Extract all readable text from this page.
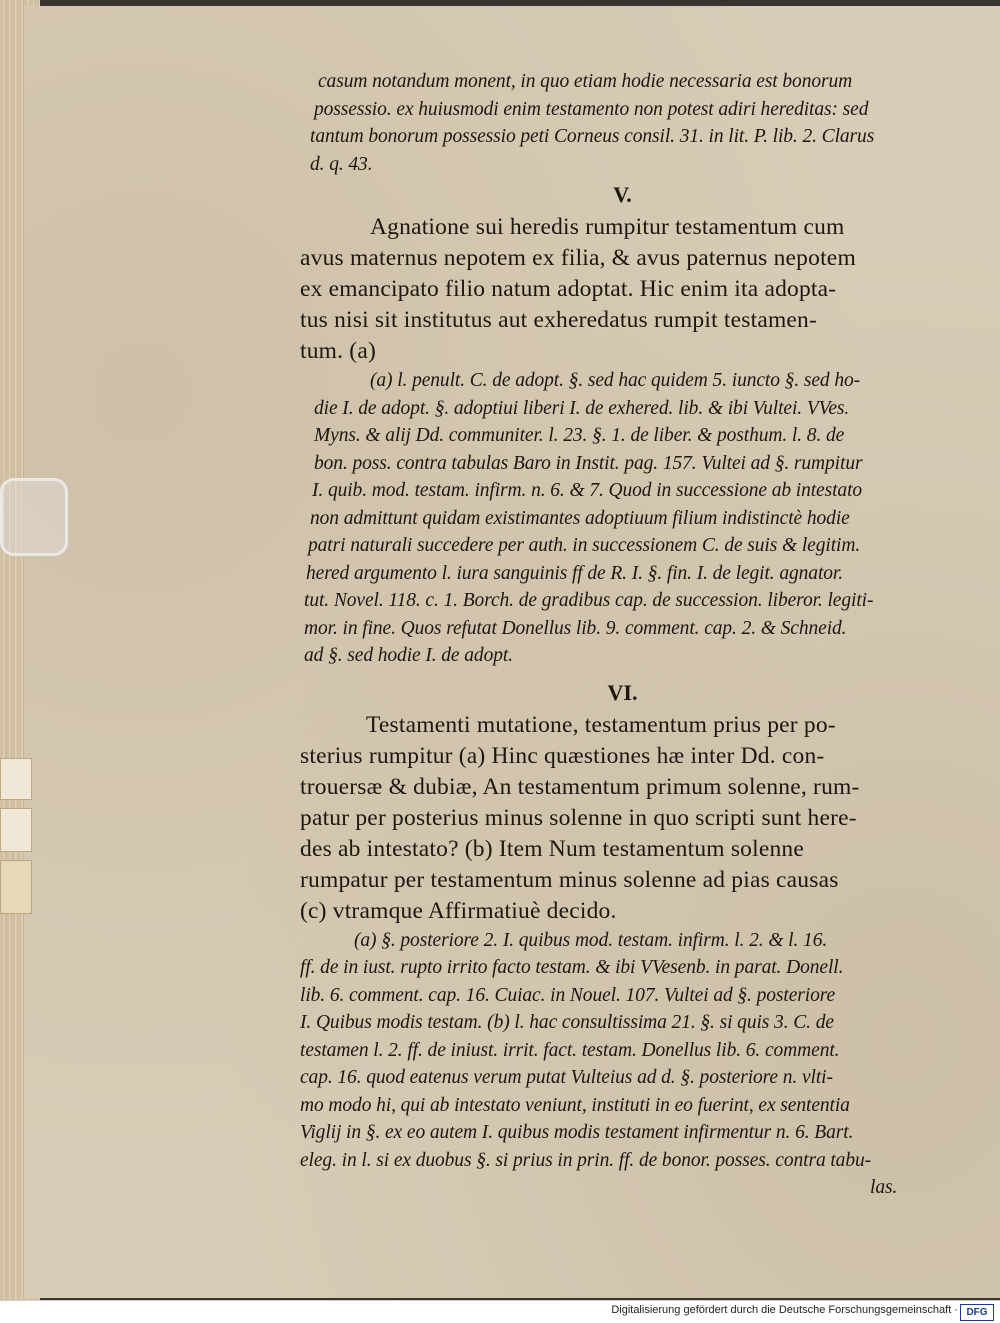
casum notandum monent, in quo etiam hodie necessaria est bonorum
possessio. ex huiusmodi enim testamento non potest adiri hereditas: sed
tantum bonorum possessio peti Corneus consil. 31. in lit. P. lib. 2. Clarus
d. q. 43.
V.
Agnatione sui heredis rumpitur testamentum cum
avus maternus nepotem ex filia, & avus paternus nepotem
ex emancipato filio natum adoptat. Hic enim ita adopta-
tus nisi sit institutus aut exheredatus rumpit testamen-
tum. (a)
(a) l. penult. C. de adopt. §. sed hac quidem 5. iuncto §. sed ho-
die I. de adopt. §. adoptiui liberi I. de exhered. lib. & ibi Vultei. VVes.
Myns. & alij Dd. communiter. l. 23. §. 1. de liber. & posthum. l. 8. de
bon. poss. contra tabulas Baro in Instit. pag. 157. Vultei ad §. rumpitur
I. quib. mod. testam. infirm. n. 6. & 7. Quod in successione ab intestato
non admittunt quidam existimantes adoptiuum filium indistinctè hodie
patri naturali succedere per auth. in successionem C. de suis & legitim.
hered argumento l. iura sanguinis ff de R. I. §. fin. I. de legit. agnator.
tut. Novel. 118. c. 1. Borch. de gradibus cap. de succession. liberor. legiti-
mor. in fine. Quos refutat Donellus lib. 9. comment. cap. 2. & Schneid.
ad §. sed hodie I. de adopt.
VI.
Testamenti mutatione, testamentum prius per po-
sterius rumpitur (a) Hinc quæstiones hæ inter Dd. con-
trouersæ & dubiæ, An testamentum primum solenne, rum-
patur per posterius minus solenne in quo scripti sunt here-
des ab intestato? (b) Item Num testamentum solenne
rumpatur per testamentum minus solenne ad pias causas
(c) vtramque Affirmatiuè decido.
(a) §. posteriore 2. I. quibus mod. testam. infirm. l. 2. & l. 16.
ff. de in iust. rupto irrito facto testam. & ibi VVesenb. in parat. Donell.
lib. 6. comment. cap. 16. Cuiac. in Nouel. 107. Vultei ad §. posteriore
I. Quibus modis testam. (b) l. hac consultissima 21. §. si quis 3. C. de
testamen l. 2. ff. de iniust. irrit. fact. testam. Donellus lib. 6. comment.
cap. 16. quod eatenus verum putat Vulteius ad d. §. posteriore n. vlti-
mo modo hi, qui ab intestato veniunt, instituti in eo fuerint, ex sententia
Viglij in §. ex eo autem I. quibus modis testament infirmentur n. 6. Bart.
eleg. in l. si ex duobus §. si prius in prin. ff. de bonor. posses. contra tabu-
las.
Digitalisierung gefördert durch die Deutsche Forschungsgemeinschaft · DFG
